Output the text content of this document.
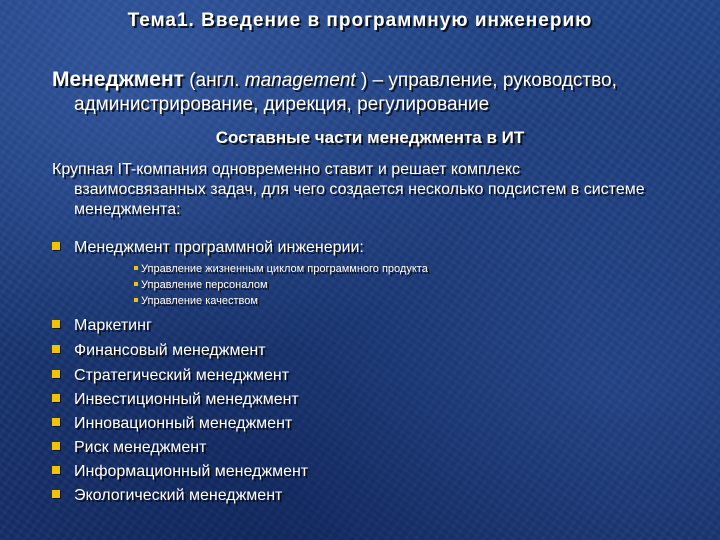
Тема1. Введение в программную инженерию
Менеджмент (англ. management ) – управление, руководство,
администрирование, дирекция, регулирование
Составные части менеджмента в ИТ
Крупная IT-компания одновременно ставит и решает комплекс
взаимосвязанных задач, для чего создается несколько подсистем в системе менеджмента:
Менеджмент программной инженерии:
Управление жизненным циклом программного продукта
Управление персоналом
Управление качеством
Маркетинг
Финансовый менеджмент
Стратегический менеджмент
Инвестиционный менеджмент
Инновационный менеджмент
Риск менеджмент
Информационный менеджмент
Экологический менеджмент
